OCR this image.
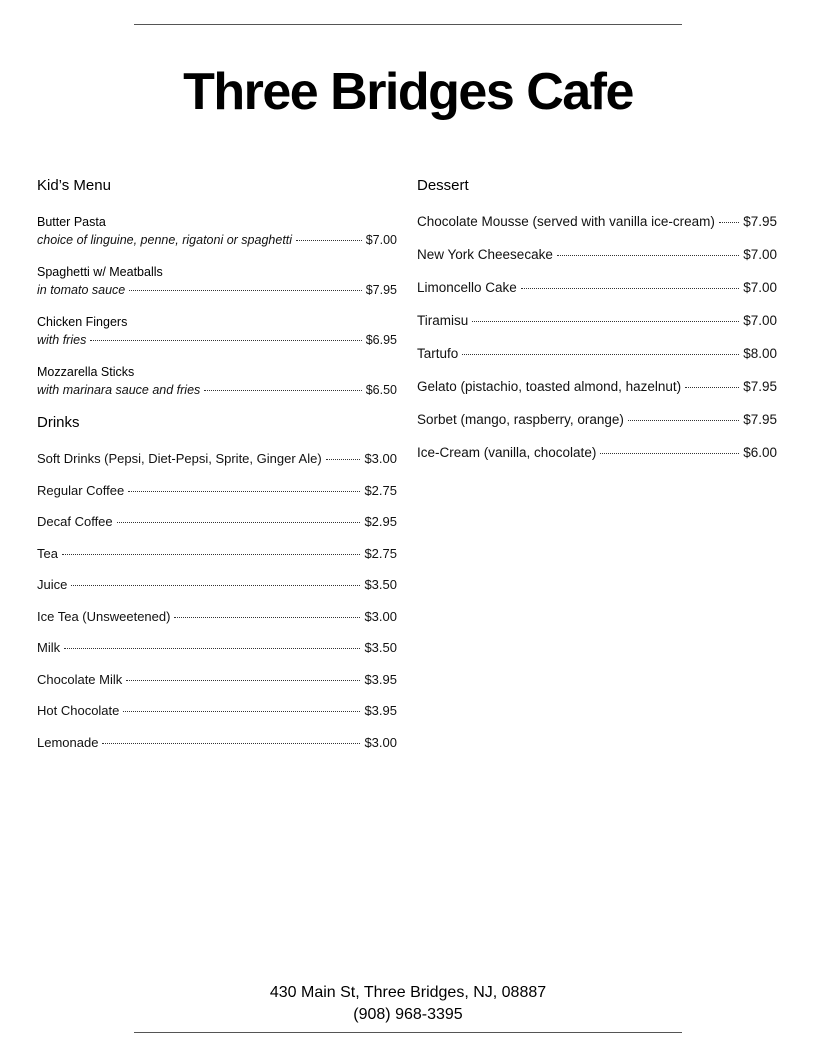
Three Bridges Cafe
Kid’s Menu
Butter Pasta
choice of linguine, penne, rigatoni or spaghetti	$7.00
Spaghetti w/ Meatballs
in tomato sauce	$7.95
Chicken Fingers
with fries	$6.95
Mozzarella Sticks
with marinara sauce and fries	$6.50
Drinks
Soft Drinks (Pepsi, Diet-Pepsi, Sprite, Ginger Ale)	$3.00
Regular Coffee	$2.75
Decaf Coffee	$2.95
Tea	$2.75
Juice	$3.50
Ice Tea (Unsweetened)	$3.00
Milk	$3.50
Chocolate Milk	$3.95
Hot Chocolate	$3.95
Lemonade	$3.00
Dessert
Chocolate Mousse (served with vanilla ice-cream) $7.95
New York Cheesecake	$7.00
Limoncello Cake	$7.00
Tiramisu	$7.00
Tartufo	$8.00
Gelato (pistachio, toasted almond, hazelnut)	$7.95
Sorbet (mango, raspberry, orange)	$7.95
Ice-Cream (vanilla, chocolate)	$6.00
430 Main St, Three Bridges, NJ, 08887
(908) 968-3395
